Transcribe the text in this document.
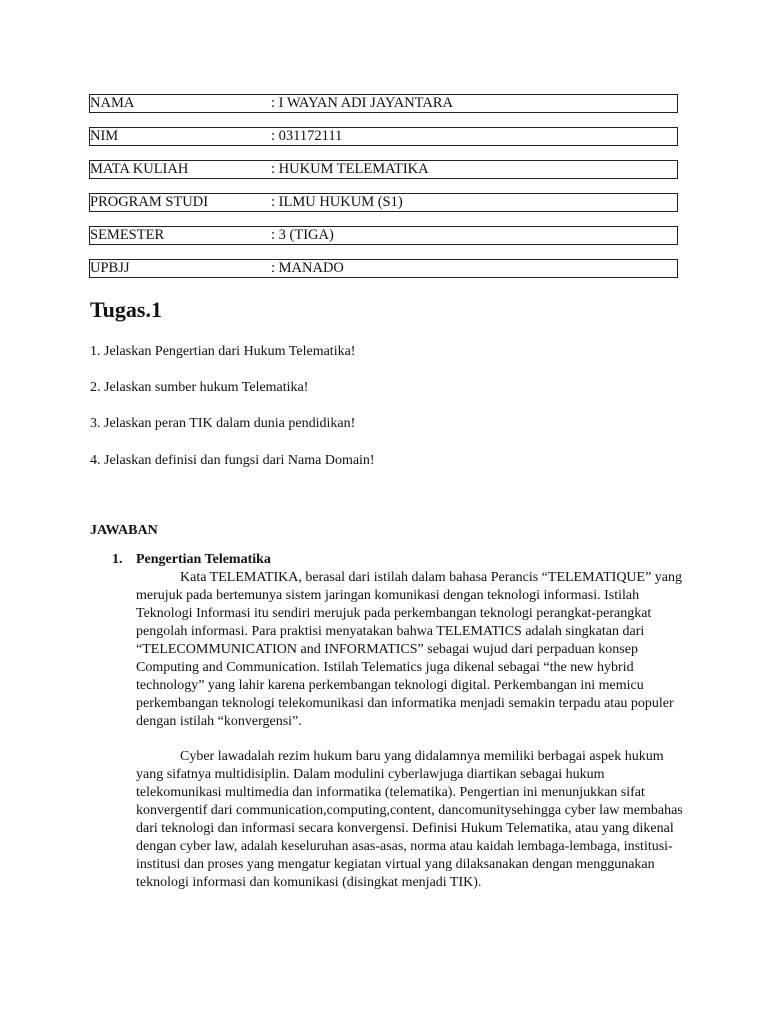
NAMA	: I WAYAN ADI JAYANTARA
NIM	: 031172111
MATA KULIAH	: HUKUM TELEMATIKA
PROGRAM STUDI	: ILMU HUKUM (S1)
SEMESTER	: 3 (TIGA)
UPBJJ	: MANADO
Tugas.1
1. Jelaskan Pengertian dari Hukum Telematika!
2. Jelaskan sumber hukum Telematika!
3. Jelaskan peran TIK dalam dunia pendidikan!
4. Jelaskan definisi dan fungsi dari Nama Domain!
JAWABAN
1. Pengertian Telematika

Kata TELEMATIKA, berasal dari istilah dalam bahasa Perancis “TELEMATIQUE” yang merujuk pada bertemunya sistem jaringan komunikasi dengan teknologi informasi. Istilah Teknologi Informasi itu sendiri merujuk pada perkembangan teknologi perangkat-perangkat pengolah informasi. Para praktisi menyatakan bahwa TELEMATICS adalah singkatan dari “TELECOMMUNICATION and INFORMATICS” sebagai wujud dari perpaduan konsep Computing and Communication. Istilah Telematics juga dikenal sebagai “the new hybrid technology” yang lahir karena perkembangan teknologi digital. Perkembangan ini memicu perkembangan teknologi telekomunikasi dan informatika menjadi semakin terpadu atau populer dengan istilah “konvergensi”.

Cyber lawadalah rezim hukum baru yang didalamnya memiliki berbagai aspek hukum yang sifatnya multidisiplin. Dalam modulini cyberlawjuga diartikan sebagai hukum telekomunikasi multimedia dan informatika (telematika). Pengertian ini menunjukkan sifat konvergentif dari communication,computing,content, dancomunitysehingga cyber law membahas dari teknologi dan informasi secara konvergensi. Definisi Hukum Telematika, atau yang dikenal dengan cyber law, adalah keseluruhan asas-asas, norma atau kaidah lembaga-lembaga, institusi-institusi dan proses yang mengatur kegiatan virtual yang dilaksanakan dengan menggunakan teknologi informasi dan komunikasi (disingkat menjadi TIK).
